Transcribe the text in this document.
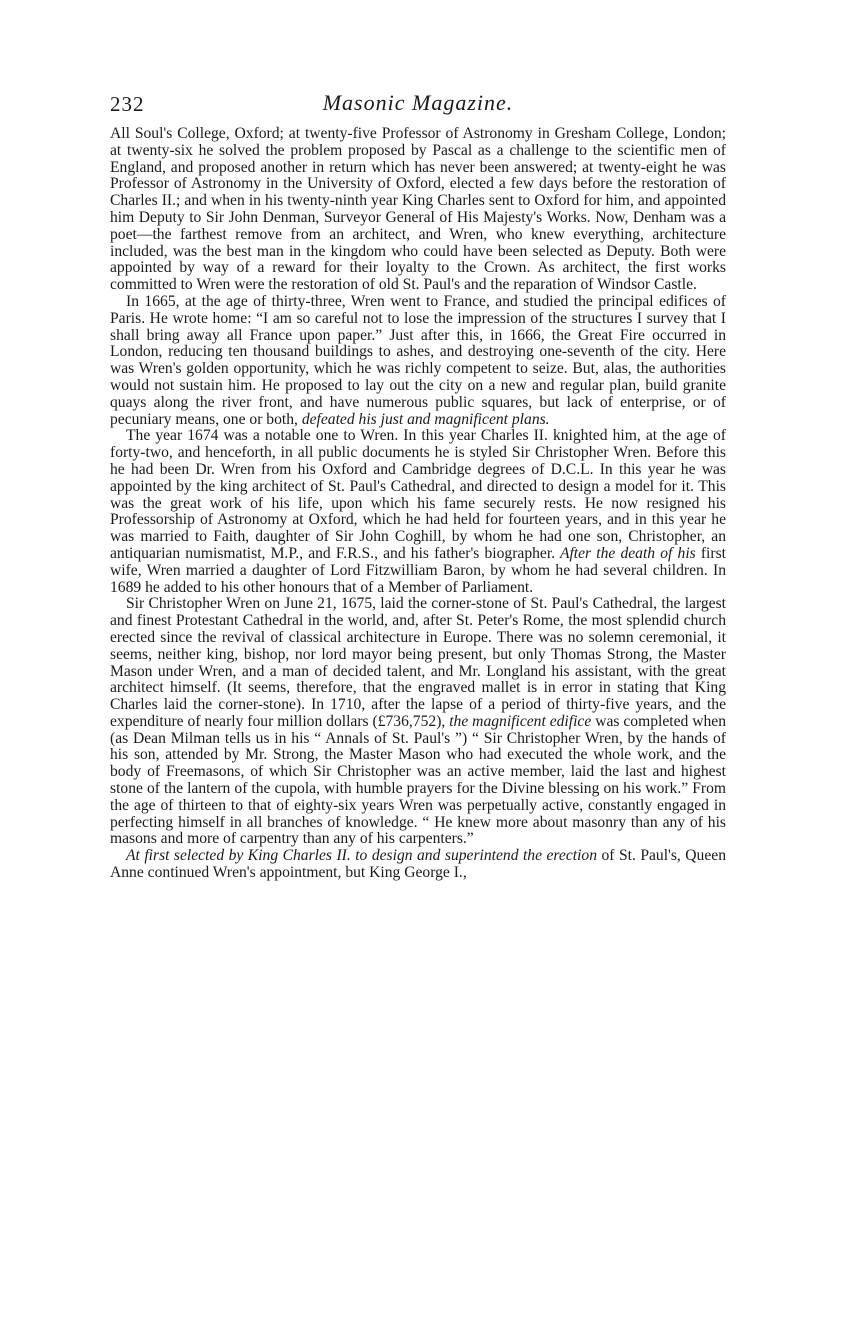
232	Masonic Magazine.

All Soul's College, Oxford; at twenty-five Professor of Astronomy in Gresham College, London; at twenty-six he solved the problem proposed by Pascal as a challenge to the scientific men of England, and proposed another in return which has never been answered; at twenty-eight he was Professor of Astronomy in the University of Oxford, elected a few days before the restoration of Charles II.; and when in his twenty-ninth year King Charles sent to Oxford for him, and appointed him Deputy to Sir John Denman, Surveyor General of His Majesty's Works. Now, Denham was a poet—the farthest remove from an architect, and Wren, who knew everything, architecture included, was the best man in the kingdom who could have been selected as Deputy. Both were appointed by way of a reward for their loyalty to the Crown. As architect, the first works committed to Wren were the restoration of old St. Paul's and the reparation of Windsor Castle.

In 1665, at the age of thirty-three, Wren went to France, and studied the principal edifices of Paris. He wrote home: “I am so careful not to lose the impression of the structures I survey that I shall bring away all France upon paper.” Just after this, in 1666, the Great Fire occurred in London, reducing ten thousand buildings to ashes, and destroying one-seventh of the city. Here was Wren's golden opportunity, which he was richly competent to seize. But, alas, the authorities would not sustain him. He proposed to lay out the city on a new and regular plan, build granite quays along the river front, and have numerous public squares, but lack of enterprise, or of pecuniary means, one or both, defeated his just and magnificent plans.

The year 1674 was a notable one to Wren. In this year Charles II. knighted him, at the age of forty-two, and henceforth, in all public documents he is styled Sir Christopher Wren. Before this he had been Dr. Wren from his Oxford and Cambridge degrees of D.C.L. In this year he was appointed by the king architect of St. Paul's Cathedral, and directed to design a model for it. This was the great work of his life, upon which his fame securely rests. He now resigned his Professorship of Astronomy at Oxford, which he had held for fourteen years, and in this year he was married to Faith, daughter of Sir John Coghill, by whom he had one son, Christopher, an antiquarian numismatist, M.P., and F.R.S., and his father's biographer. After the death of his first wife, Wren married a daughter of Lord Fitzwilliam Baron, by whom he had several children. In 1689 he added to his other honours that of a Member of Parliament.

Sir Christopher Wren on June 21, 1675, laid the corner-stone of St. Paul's Cathedral, the largest and finest Protestant Cathedral in the world, and, after St. Peter's Rome, the most splendid church erected since the revival of classical architecture in Europe. There was no solemn ceremonial, it seems, neither king, bishop, nor lord mayor being present, but only Thomas Strong, the Master Mason under Wren, and a man of decided talent, and Mr. Longland his assistant, with the great architect himself. (It seems, therefore, that the engraved mallet is in error in stating that King Charles laid the corner-stone). In 1710, after the lapse of a period of thirty-five years, and the expenditure of nearly four million dollars (£736,752), the magnificent edifice was completed when (as Dean Milman tells us in his “ Annals of St. Paul's ”) “ Sir Christopher Wren, by the hands of his son, attended by Mr. Strong, the Master Mason who had executed the whole work, and the body of Freemasons, of which Sir Christopher was an active member, laid the last and highest stone of the lantern of the cupola, with humble prayers for the Divine blessing on his work.” From the age of thirteen to that of eighty-six years Wren was perpetually active, constantly engaged in perfecting himself in all branches of knowledge. “ He knew more about masonry than any of his masons and more of carpentry than any of his carpenters.”

At first selected by King Charles II. to design and superintend the erection of St. Paul's, Queen Anne continued Wren's appointment, but King George I.,
